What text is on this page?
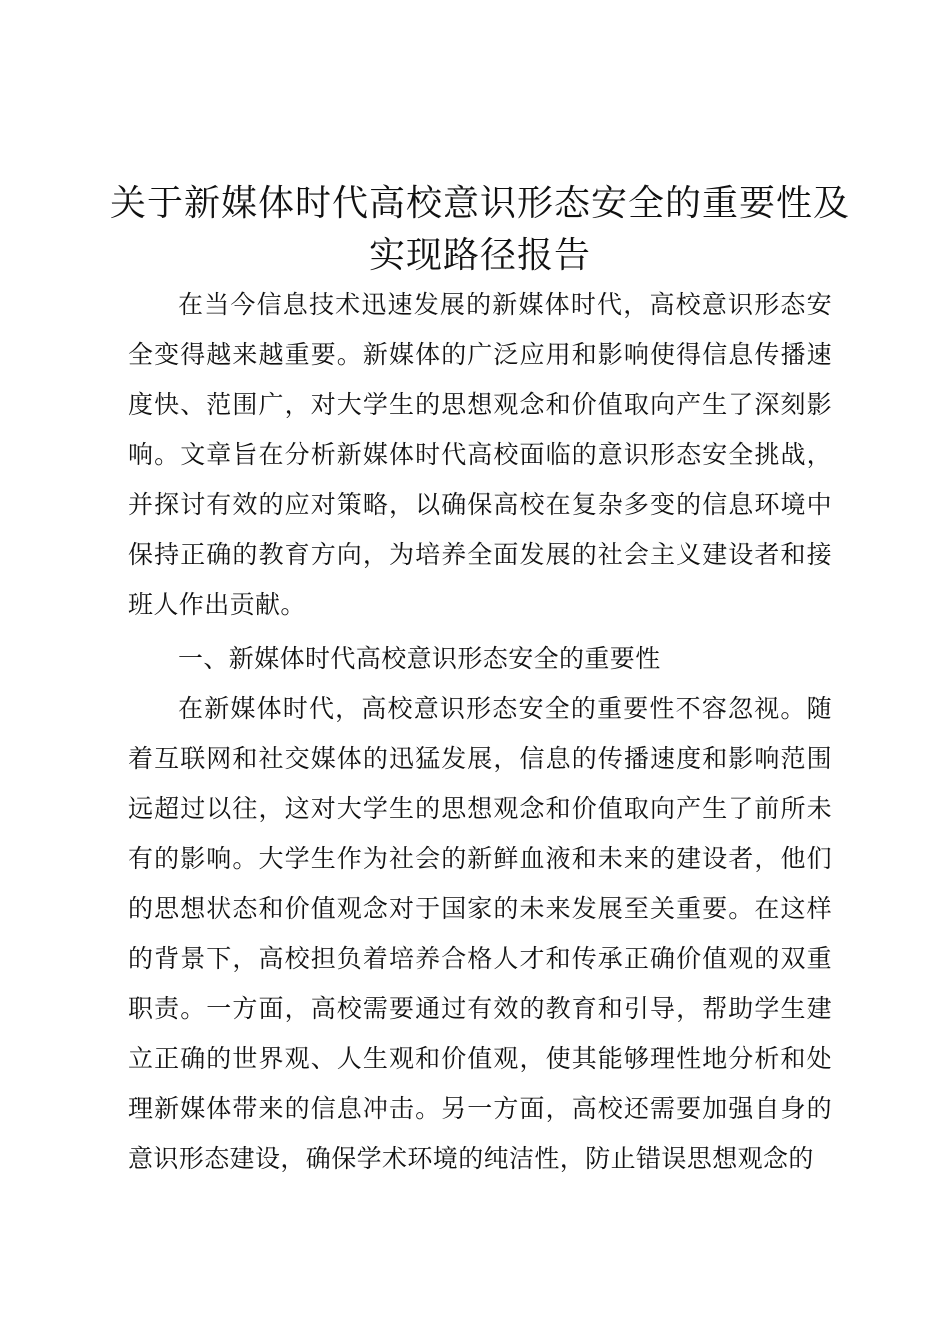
关于新媒体时代高校意识形态安全的重要性及
实现路径报告

在当今信息技术迅速发展的新媒体时代，高校意识形态安全变得越来越重要。新媒体的广泛应用和影响使得信息传播速度快、范围广，对大学生的思想观念和价值取向产生了深刻影响。文章旨在分析新媒体时代高校面临的意识形态安全挑战，并探讨有效的应对策略，以确保高校在复杂多变的信息环境中保持正确的教育方向，为培养全面发展的社会主义建设者和接班人作出贡献。

一、新媒体时代高校意识形态安全的重要性

在新媒体时代，高校意识形态安全的重要性不容忽视。随着互联网和社交媒体的迅猛发展，信息的传播速度和影响范围远超过以往，这对大学生的思想观念和价值取向产生了前所未有的影响。大学生作为社会的新鲜血液和未来的建设者，他们的思想状态和价值观念对于国家的未来发展至关重要。在这样的背景下，高校担负着培养合格人才和传承正确价值观的双重职责。一方面，高校需要通过有效的教育和引导，帮助学生建立正确的世界观、人生观和价值观，使其能够理性地分析和处理新媒体带来的信息冲击。另一方面，高校还需要加强自身的意识形态建设，确保学术环境的纯洁性，防止错误思想观念的
